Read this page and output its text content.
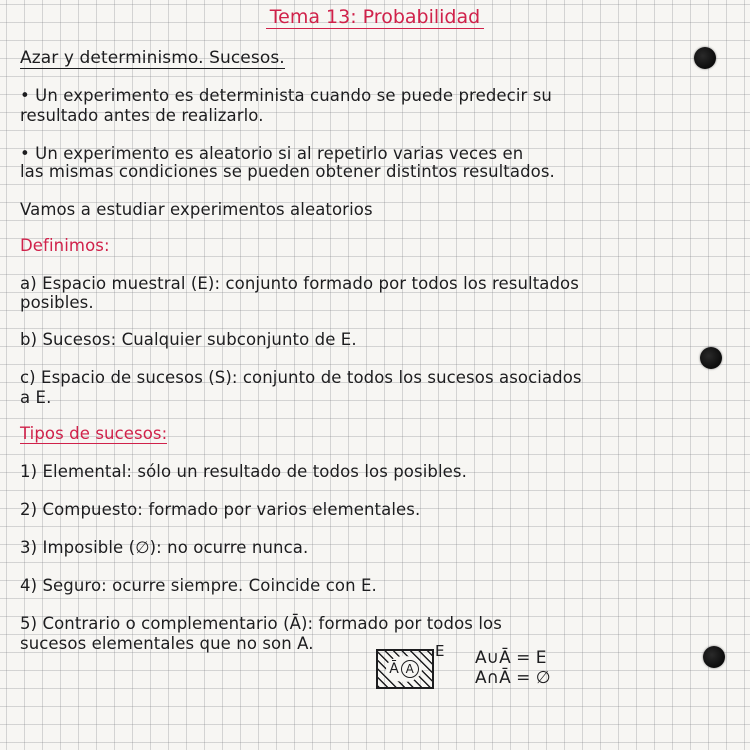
Tema 13: Probabilidad
Azar y determinismo. Sucesos.
• Un experimento es determinista cuando se puede predecir su
resultado antes de realizarlo.
• Un experimento es aleatorio si al repetirlo varias veces en
las mismas condiciones se pueden obtener distintos resultados.
Vamos a estudiar experimentos aleatorios
Definimos:
a) Espacio muestral (E): conjunto formado por todos los resultados
posibles.
b) Sucesos: Cualquier subconjunto de E.
c) Espacio de sucesos (S): conjunto de todos los sucesos asociados
a E.
Tipos de sucesos:
1) Elemental: sólo un resultado de todos los posibles.
2) Compuesto: formado por varios elementales.
3) Imposible (∅): no ocurre nunca.
4) Seguro: ocurre siempre. Coincide con E.
5) Contrario o complementario (Ā): formado por todos los
sucesos elementales que no son A.
Ā A
E A∪Ā = E
A∩Ā = ∅
